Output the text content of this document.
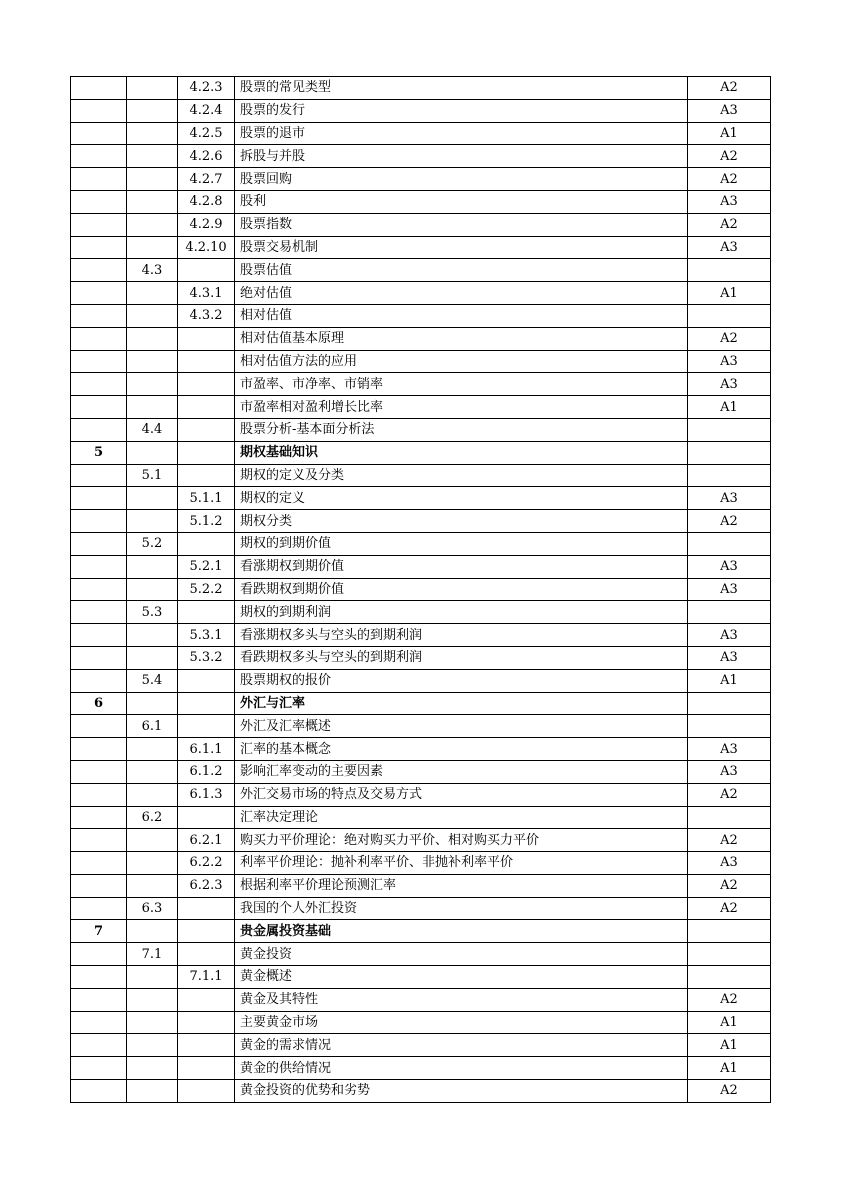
		4.2.3	股票的常见类型	A2
		4.2.4	股票的发行	A3
		4.2.5	股票的退市	A1
		4.2.6	拆股与并股	A2
		4.2.7	股票回购	A2
		4.2.8	股利	A3
		4.2.9	股票指数	A2
		4.2.10	股票交易机制	A3
	4.3		股票估值	
		4.3.1	绝对估值	A1
		4.3.2	相对估值	
			相对估值基本原理	A2
			相对估值方法的应用	A3
			市盈率、市净率、市销率	A3
			市盈率相对盈利增长比率	A1
	4.4		股票分析-基本面分析法	
5			期权基础知识	
	5.1		期权的定义及分类	
		5.1.1	期权的定义	A3
		5.1.2	期权分类	A2
	5.2		期权的到期价值	
		5.2.1	看涨期权到期价值	A3
		5.2.2	看跌期权到期价值	A3
	5.3		期权的到期利润	
		5.3.1	看涨期权多头与空头的到期利润	A3
		5.3.2	看跌期权多头与空头的到期利润	A3
	5.4		股票期权的报价	A1
6			外汇与汇率	
	6.1		外汇及汇率概述	
		6.1.1	汇率的基本概念	A3
		6.1.2	影响汇率变动的主要因素	A3
		6.1.3	外汇交易市场的特点及交易方式	A2
	6.2		汇率决定理论	
		6.2.1	购买力平价理论：绝对购买力平价、相对购买力平价	A2
		6.2.2	利率平价理论：抛补利率平价、非抛补利率平价	A3
		6.2.3	根据利率平价理论预测汇率	A2
	6.3		我国的个人外汇投资	A2
7			贵金属投资基础	
	7.1		黄金投资	
		7.1.1	黄金概述	
			黄金及其特性	A2
			主要黄金市场	A1
			黄金的需求情况	A1
			黄金的供给情况	A1
			黄金投资的优势和劣势	A2
